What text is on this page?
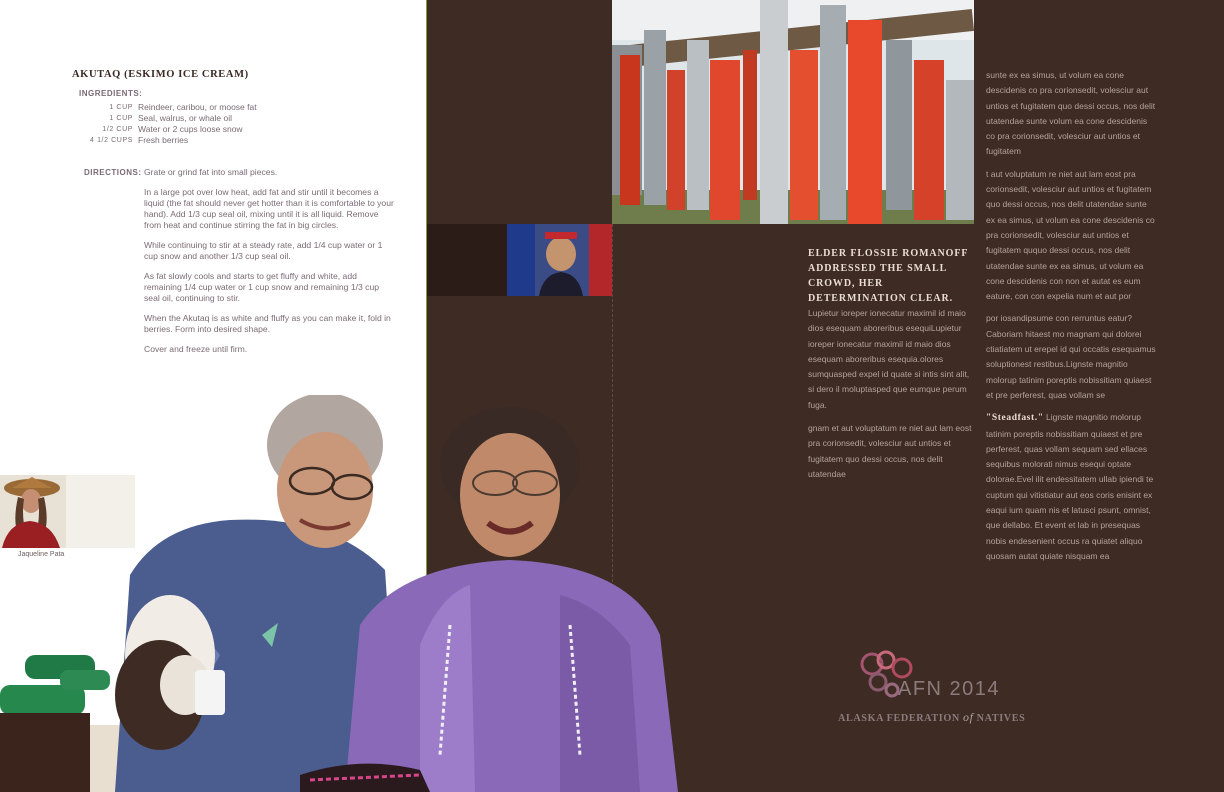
AKUTAQ (ESKIMO ICE CREAM)
INGREDIENTS:
1 CUP Reindeer, caribou, or moose fat
1 CUP Seal, walrus, or whale oil
1/2 CUP Water or 2 cups loose snow
4 1/2 CUPS Fresh berries
DIRECTIONS: Grate or grind fat into small pieces.

In a large pot over low heat, add fat and stir until it becomes a liquid (the fat should never get hotter than it is comfortable to your hand). Add 1/3 cup seal oil, mixing until it is all liquid. Remove from heat and continue stirring the fat in big circles.

While continuing to stir at a steady rate, add 1/4 cup water or 1 cup snow and another 1/3 cup seal oil.

As fat slowly cools and starts to get fluffy and white, add remaining 1/4 cup water or 1 cup snow and remaining 1/3 cup seal oil, continuing to stir.

When the Akutaq is as white and fluffy as you can make it, fold in berries. Form into desired shape.

Cover and freeze until firm.

Jaqueline Pata
ELDER FLOSSIE ROMANOFF ADDRESSED THE SMALL CROWD, HER DETERMINATION CLEAR.

Lupietur ioreper ionecatur maximil id maio dios esequam aboreribus esequiLupietur ioreper ionecatur maximil id maio dios esequam aboreribus esequia.olores sumquasped expel id quate si intis sint alit, si dero il moluptasped que eumque perum fuga.

gnam et aut voluptatum re niet aut lam eost pra corionsedit, volesciur aut untios et fugitatem quo dessi occus, nos delit utatendae

sunte ex ea simus, ut volum ea cone descidenis co pra corionsedit, volesciur aut untios et fugitatem quo dessi occus, nos delit utatendae sunte volum ea cone descidenis co pra corionsedit, volesciur aut untios et fugitatem

t aut voluptatum re niet aut lam eost pra corionsedit, volesciur aut untios et fugitatem quo dessi occus, nos delit utatendae sunte ex ea simus, ut volum ea cone descidenis co pra corionsedit, volesciur aut untios et fugitatem ququo dessi occus, nos delit utatendae sunte ex ea simus, ut volum ea cone descidenis con non et autat es eum eature, con con expelia num et aut por

por iosandipsume con rerruntus eatur? Caboriam hitaest mo magnam qui dolorei ctiatiatem ut erepel id qui occatis esequamus soluptionest restibus.Lignste magnitio molorup tatinim poreptis nobissitiam quiaest et pre perferest, quas vollam se

"Steadfast." Lignste magnitio molorup tatinim poreptis nobissitiam quiaest et pre perferest, quas vollam sequam sed ellaces sequibus molorati nimus esequi optate dolorae.Evel ilit endessitatem ullab ipiendi te cuptum qui vitistiatur aut eos coris enisint ex eaqui ium quam nis et latusci psunt, omnist, que dellabo. Et event et lab in presequas nobis endesenient occus ra quiatet aliquo quosam autat quiate nisquam ea

AFN 2014
ALASKA FEDERATION of NATIVES
